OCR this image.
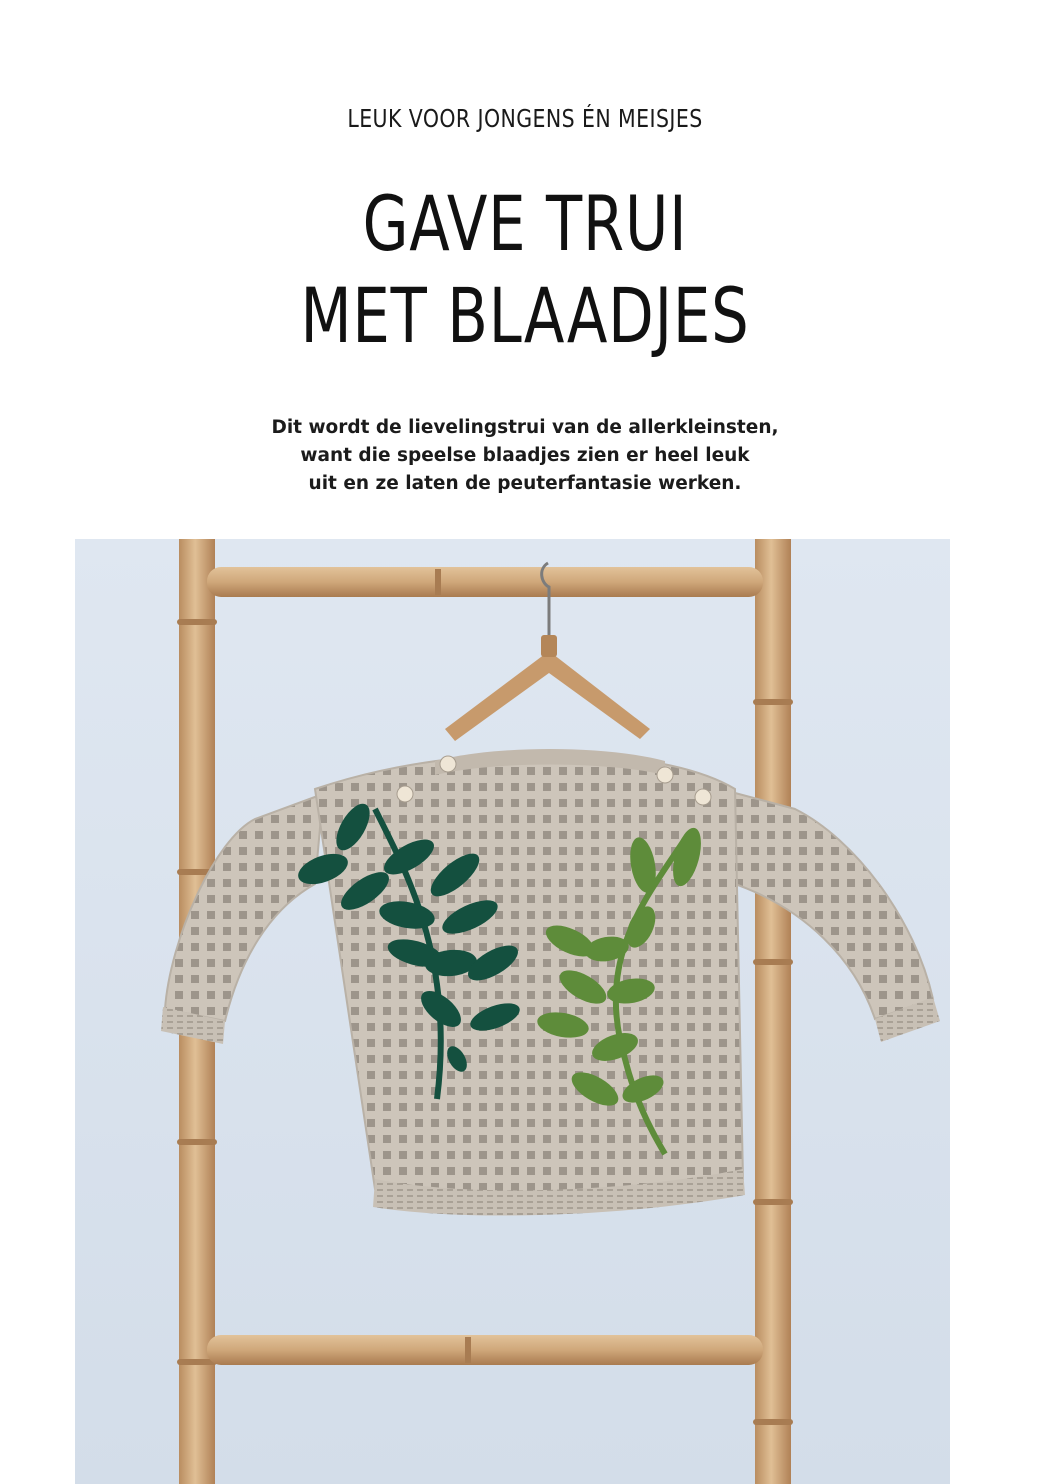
LEUK VOOR JONGENS ÉN MEISJES
GAVE TRUI
MET BLAADJES
Dit wordt de lievelingstrui van de allerkleinsten,
want die speelse blaadjes zien er heel leuk
uit en ze laten de peuterfantasie werken.
